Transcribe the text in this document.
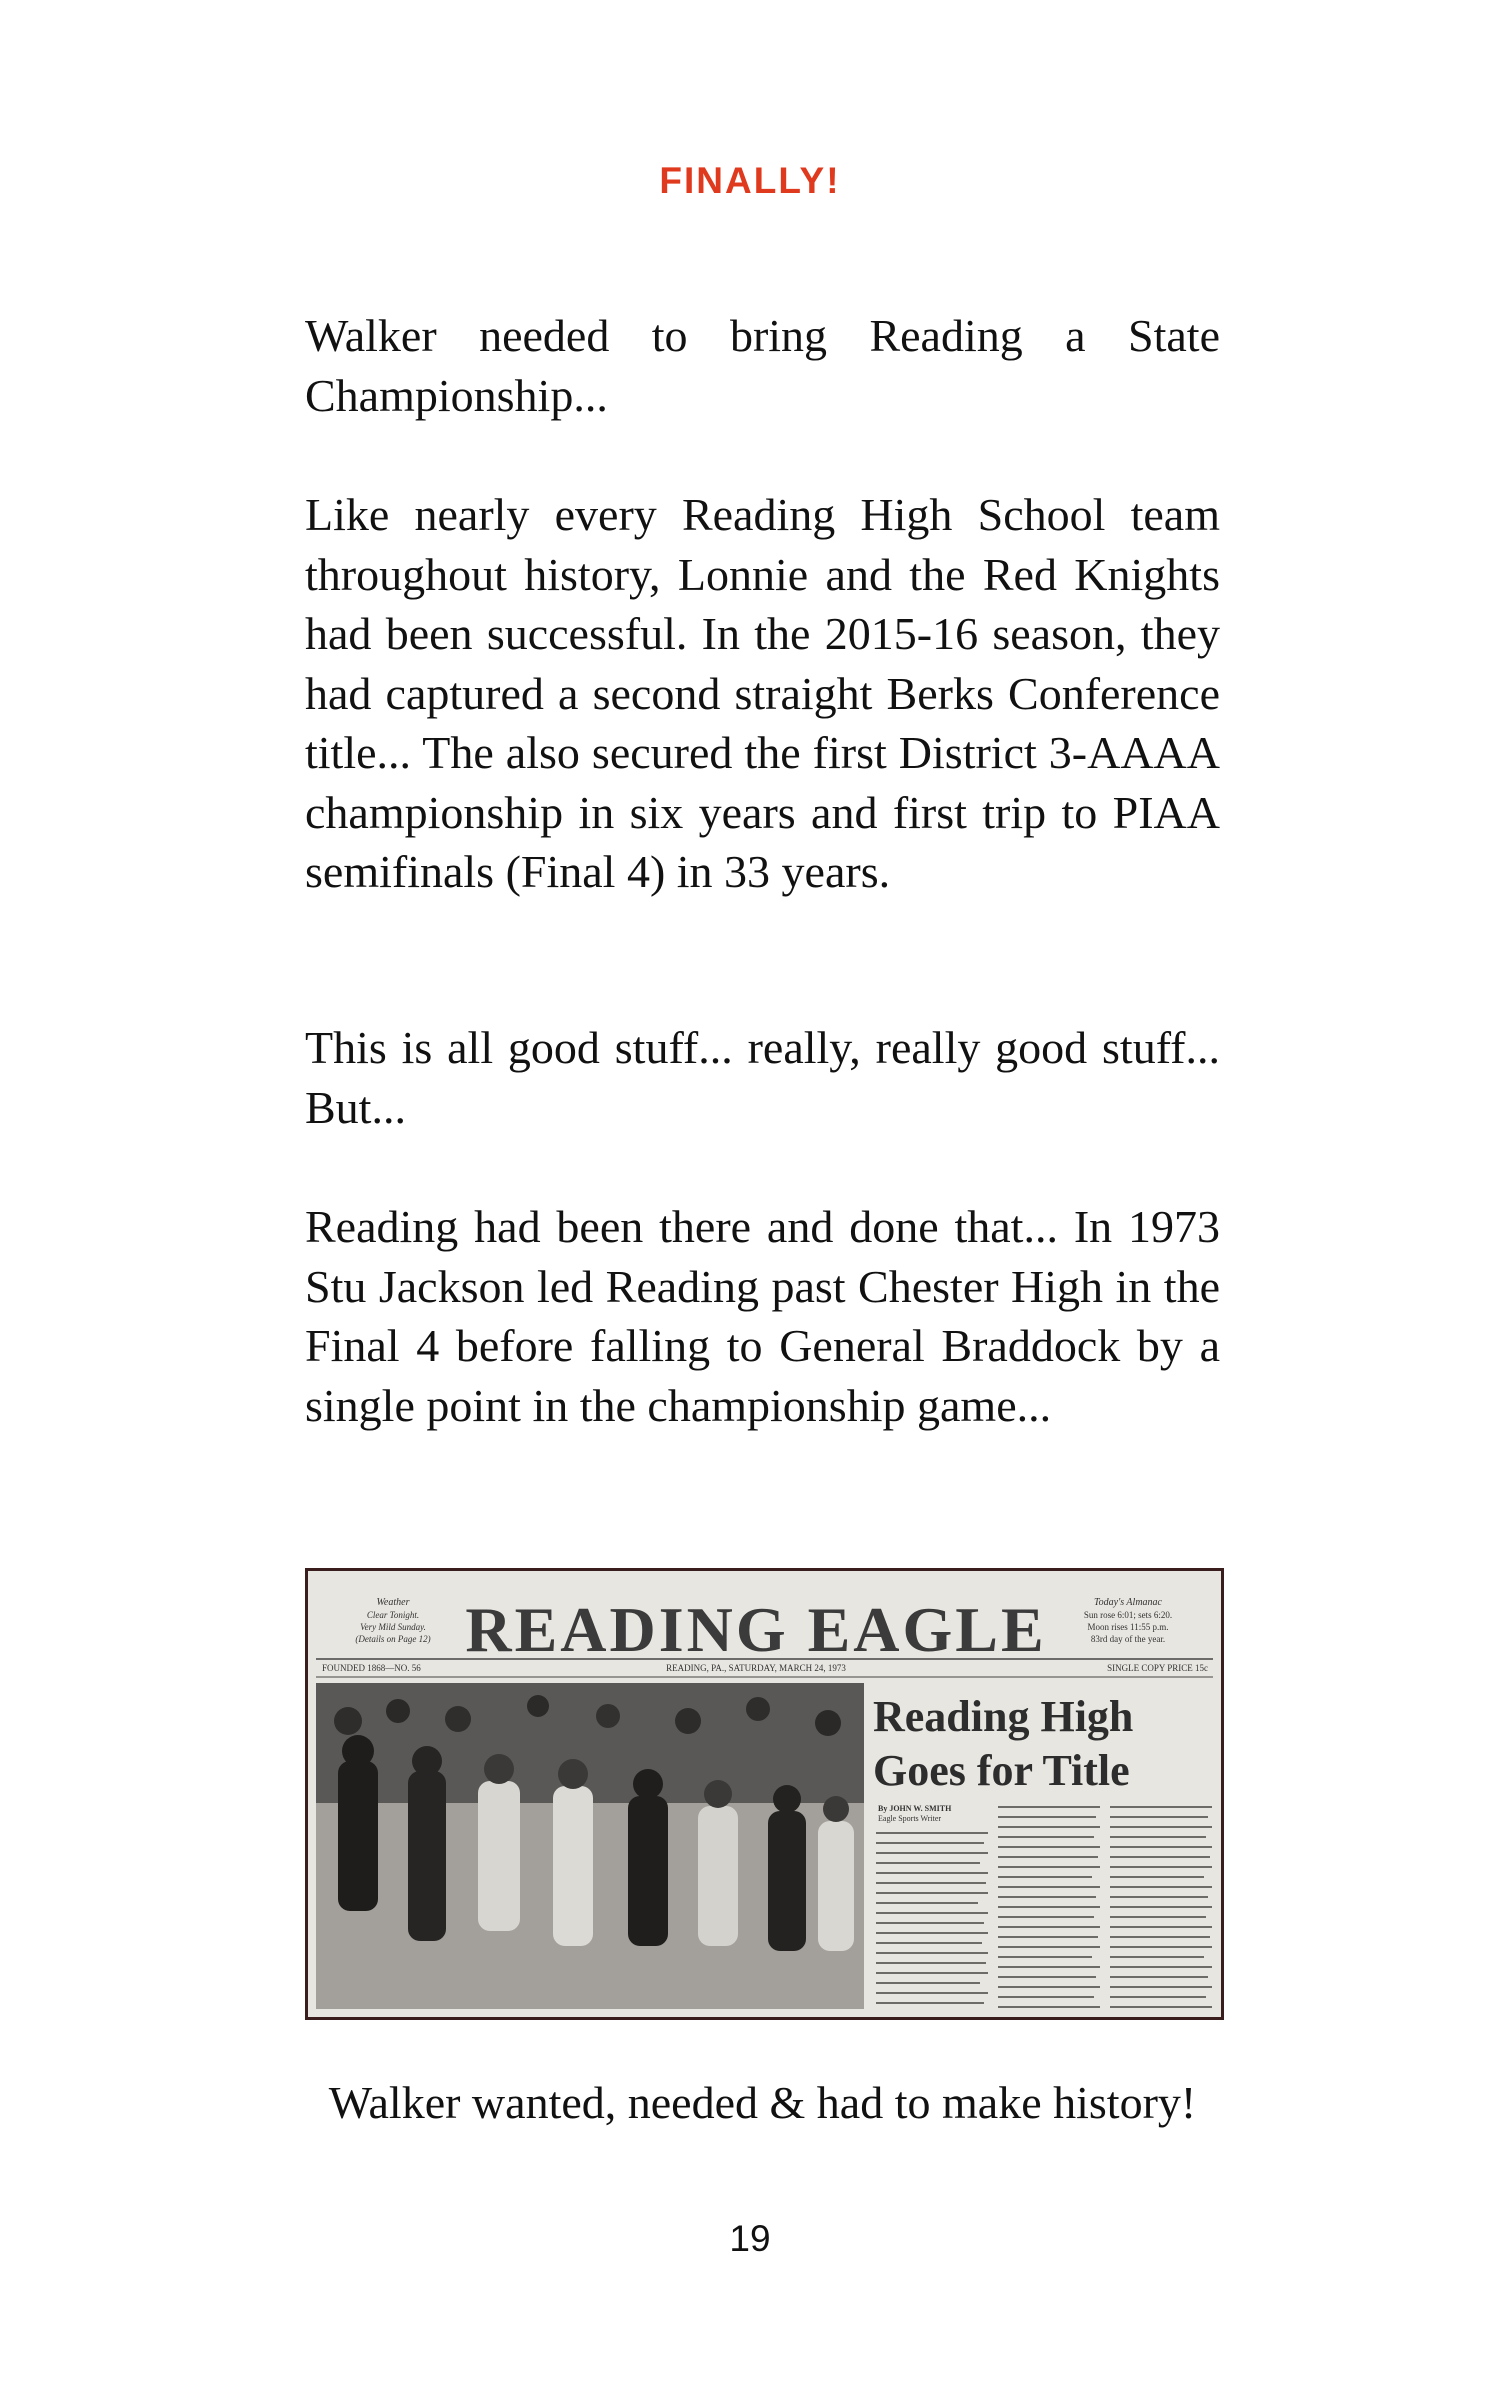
FINALLY!
Walker needed to bring Reading a State Championship...
Like nearly every Reading High School team throughout history, Lonnie and the Red Knights had been successful. In the 2015-16 season, they had captured a second straight Berks Conference title... The also secured the first District 3-AAAA championship in six years and first trip to PIAA semifinals (Final 4) in 33 years.
This is all good stuff... really, really good stuff... But...
Reading had been there and done that... In 1973 Stu Jackson led Reading past Chester High in the Final 4 before falling to General Braddock by a single point in the championship game...
Weather
Clear Tonight.
Very Mild Sunday.
(Details on Page 12) READING EAGLE	Today's Almanac
Sun rose 6:01; sets 6:20.
Moon rises 11:55 p.m.
83rd day of the year.
FOUNDED 1868—NO. 56	READING, PA., SATURDAY, MARCH 24, 1973	SINGLE COPY PRICE 15c
Reading High
Goes for Title
By JOHN W. SMITH
Eagle Sports Writer
Walker wanted, needed & had to make history!
19
